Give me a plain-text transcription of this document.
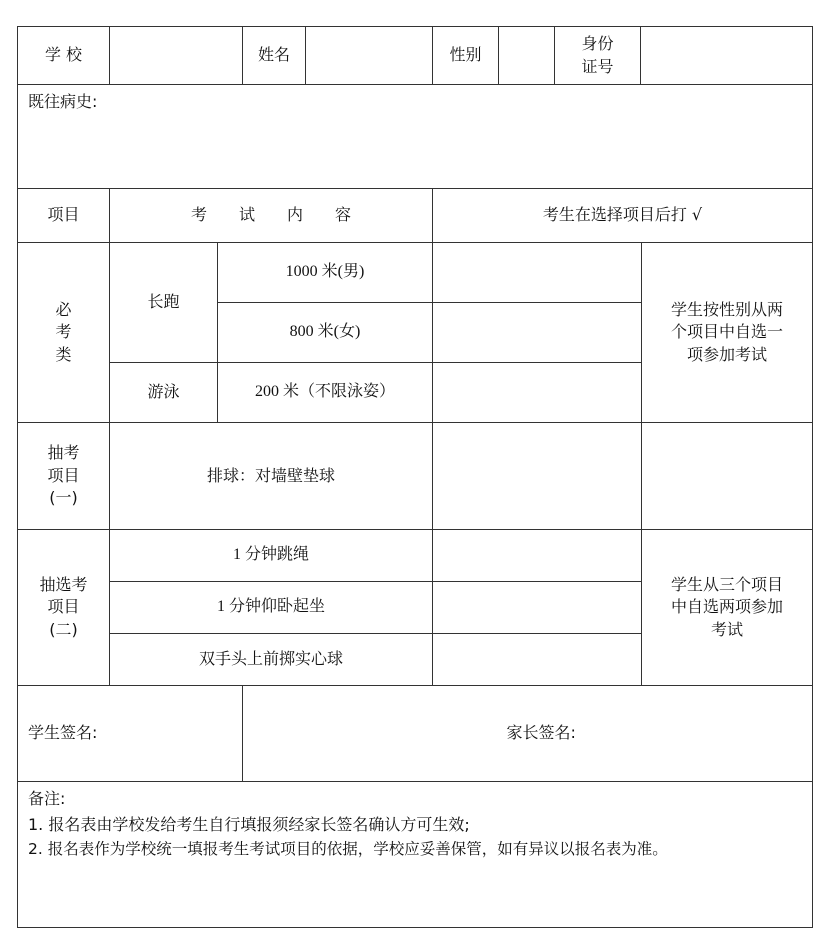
学 校			姓名		性别		身份
证号	

既往病史:								
项目	考　　试　　内　　容				考生在选择项目后打 √			

必
考
类	长跑	1000 米(男)						学生按性别从两
个项目中自选一
项参加考试

		800 米(女)						
	游泳	200 米（不限泳姿）						

抽考
项目
(一)	排球：对墙壁垫球							

抽选考
项目
(二)	1 分钟跳绳							学生从三个项目
中自选两项参加
考试

	1 分钟仰卧起坐							
	双手头上前掷实心球							
学生签名:						家长签名:		

备注:
1. 报名表由学校发给考生自行填报须经家长签名确认方可生效;
2. 报名表作为学校统一填报考生考试项目的依据，学校应妥善保管，如有异议以报名表为准。								
